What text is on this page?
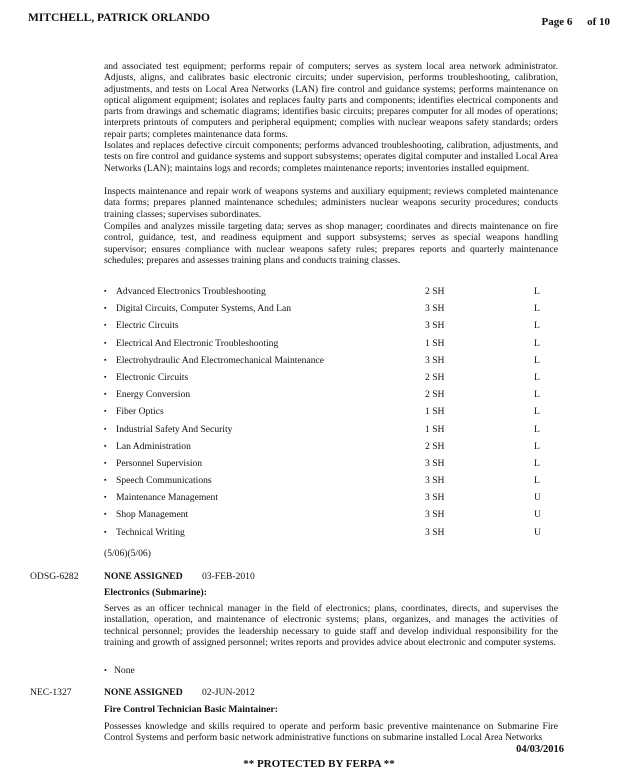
MITCHELL, PATRICK ORLANDO	Page 6 of 10

and associated test equipment; performs repair of computers; serves as system local area network administrator. Adjusts, aligns, and calibrates basic electronic circuits; under supervision, performs troubleshooting, calibration, adjustments, and tests on Local Area Networks (LAN) fire control and guidance systems; performs maintenance on optical alignment equipment; isolates and replaces faulty parts and components; identifies electrical components and parts from drawings and schematic diagrams; identifies basic circuits; prepares computer for all modes of operations; interprets printouts of computers and peripheral equipment; complies with nuclear weapons safety standards; orders repair parts; completes maintenance data forms.

Isolates and replaces defective circuit components; performs advanced troubleshooting, calibration, adjustments, and tests on fire control and guidance systems and support subsystems; operates digital computer and installed Local Area Networks (LAN); maintains logs and records; completes maintenance reports; inventories installed equipment.

Inspects maintenance and repair work of weapons systems and auxiliary equipment; reviews completed maintenance data forms; prepares planned maintenance schedules; administers nuclear weapons security procedures; conducts training classes; supervises subordinates.

Compiles and analyzes missile targeting data; serves as shop manager; coordinates and directs maintenance on fire control, guidance, test, and readiness equipment and support subsystems; serves as special weapons handling supervisor; ensures compliance with nuclear weapons safety rules; prepares reports and quarterly maintenance schedules; prepares and assesses training plans and conducts training classes.

▪ Advanced Electronics Troubleshooting	2 SH	L
▪ Digital Circuits, Computer Systems, And Lan	3 SH	L
▪ Electric Circuits	3 SH	L
▪ Electrical And Electronic Troubleshooting	1 SH	L
▪ Electrohydraulic And Electromechanical Maintenance	3 SH	L
▪ Electronic Circuits	2 SH	L
▪ Energy Conversion	2 SH	L
▪ Fiber Optics	1 SH	L
▪ Industrial Safety And Security	1 SH	L
▪ Lan Administration	2 SH	L
▪ Personnel Supervision	3 SH	L
▪ Speech Communications	3 SH	L
▪ Maintenance Management	3 SH	U
▪ Shop Management	3 SH	U
▪ Technical Writing	3 SH	U
(5/06)(5/06)
ODSG-6282	NONE ASSIGNED 03-FEB-2010
Electronics (Submarine):

Serves as an officer technical manager in the field of electronics; plans, coordinates, directs, and supervises the installation, operation, and maintenance of electronic systems; plans, organizes, and manages the activities of technical personnel; provides the leadership necessary to guide staff and develop individual responsibility for the training and growth of assigned personnel; writes reports and provides advice about electronic and computer systems.

• None
NEC-1327	NONE ASSIGNED 02-JUN-2012
Fire Control Technician Basic Maintainer:

Possesses knowledge and skills required to operate and perform basic preventive maintenance on Submarine Fire Control Systems and perform basic network administrative functions on submarine installed Local Area Networks

04/03/2016
** PROTECTED BY FERPA **
